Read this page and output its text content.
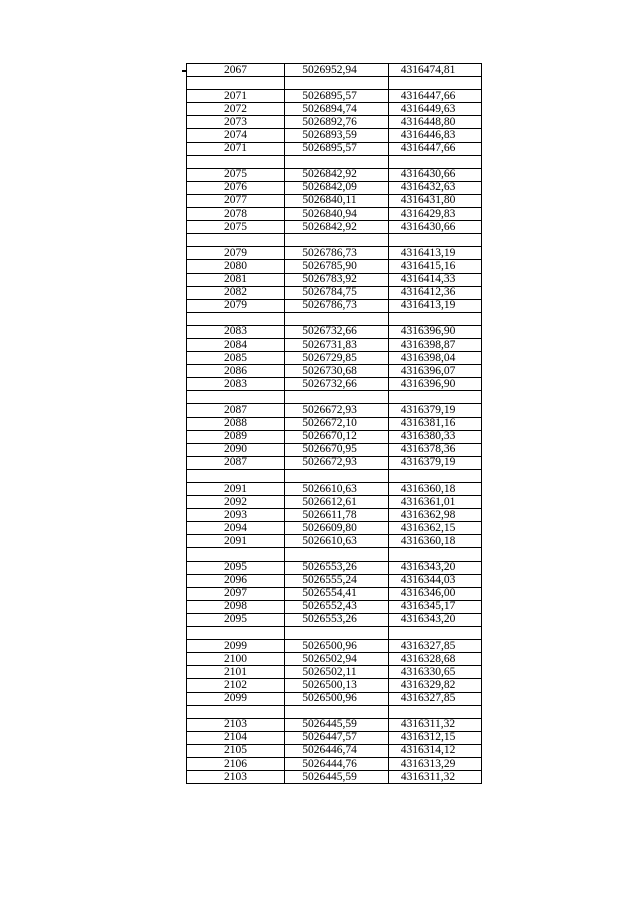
2067	5026952,94	4316474,81

2071	5026895,57	4316447,66
2072	5026894,74	4316449,63
2073	5026892,76	4316448,80
2074	5026893,59	4316446,83
2071	5026895,57	4316447,66

2075	5026842,92	4316430,66
2076	5026842,09	4316432,63
2077	5026840,11	4316431,80
2078	5026840,94	4316429,83
2075	5026842,92	4316430,66

2079	5026786,73	4316413,19
2080	5026785,90	4316415,16
2081	5026783,92	4316414,33
2082	5026784,75	4316412,36
2079	5026786,73	4316413,19

2083	5026732,66	4316396,90
2084	5026731,83	4316398,87
2085	5026729,85	4316398,04
2086	5026730,68	4316396,07
2083	5026732,66	4316396,90

2087	5026672,93	4316379,19
2088	5026672,10	4316381,16
2089	5026670,12	4316380,33
2090	5026670,95	4316378,36
2087	5026672,93	4316379,19

2091	5026610,63	4316360,18
2092	5026612,61	4316361,01
2093	5026611,78	4316362,98
2094	5026609,80	4316362,15
2091	5026610,63	4316360,18

2095	5026553,26	4316343,20
2096	5026555,24	4316344,03
2097	5026554,41	4316346,00
2098	5026552,43	4316345,17
2095	5026553,26	4316343,20

2099	5026500,96	4316327,85
2100	5026502,94	4316328,68
2101	5026502,11	4316330,65
2102	5026500,13	4316329,82
2099	5026500,96	4316327,85

2103	5026445,59	4316311,32
2104	5026447,57	4316312,15
2105	5026446,74	4316314,12
2106	5026444,76	4316313,29
2103	5026445,59	4316311,32
